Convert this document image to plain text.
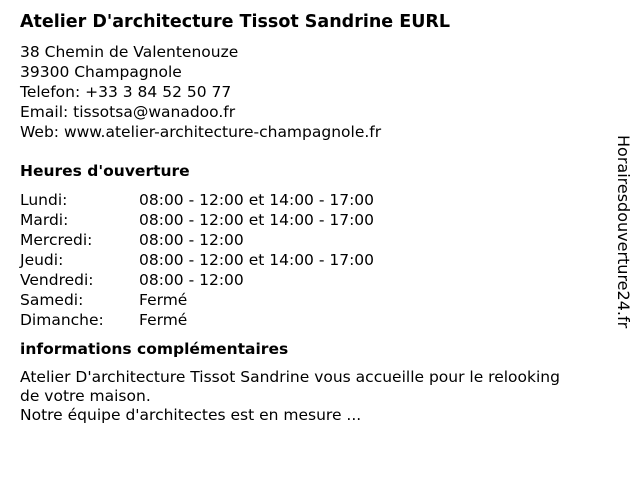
Atelier D'architecture Tissot Sandrine EURL
38 Chemin de Valentenouze
39300 Champagnole
Telefon: +33 3 84 52 50 77
Email: tissotsa@wanadoo.fr
Web: www.atelier-architecture-champagnole.fr
Heures d'ouverture
Lundi:	08:00 - 12:00 et 14:00 - 17:00
Mardi:	08:00 - 12:00 et 14:00 - 17:00
Mercredi:	08:00 - 12:00
Jeudi:	08:00 - 12:00 et 14:00 - 17:00
Vendredi:	08:00 - 12:00
Samedi:	Fermé
Dimanche: Fermé
informations complémentaires
Atelier D'architecture Tissot Sandrine vous accueille pour le relooking de votre maison.
Notre équipe d'architectes est en mesure ...
Horairesdouverture24.fr
